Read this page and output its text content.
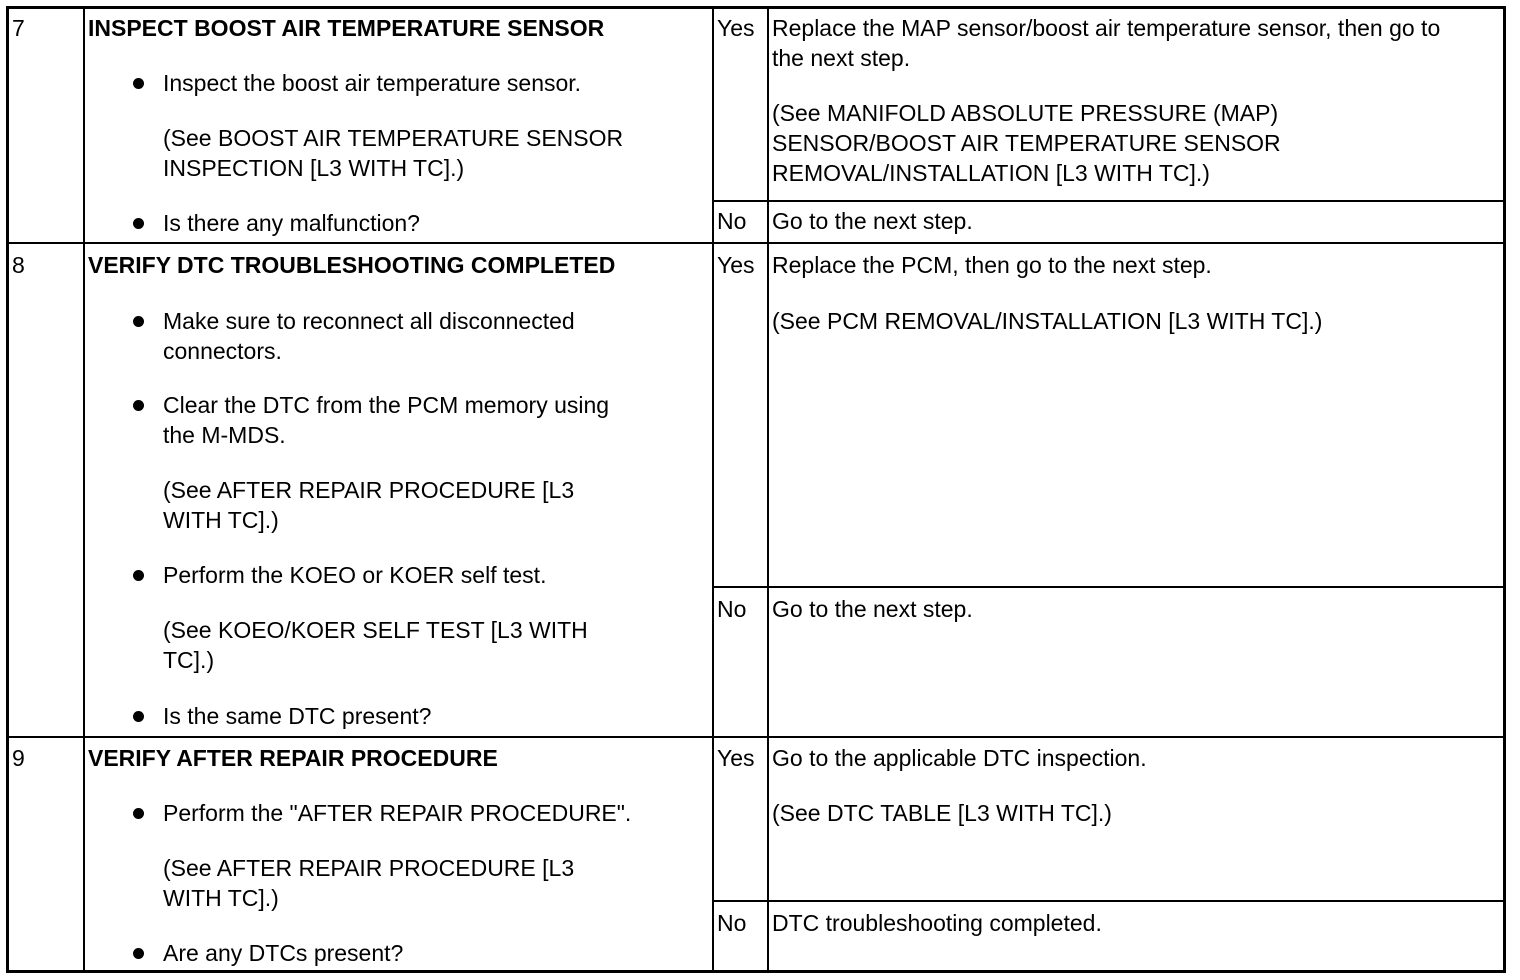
7	INSPECT BOOST AIR TEMPERATURE SENSOR
Inspect the boost air temperature sensor.
(See BOOST AIR TEMPERATURE SENSOR
INSPECTION [L3 WITH TC].)
Is there any malfunction?
Yes Replace the MAP sensor/boost air temperature sensor, then go to
the next step.
(See MANIFOLD ABSOLUTE PRESSURE (MAP)
SENSOR/BOOST AIR TEMPERATURE SENSOR
REMOVAL/INSTALLATION [L3 WITH TC].)
No Go to the next step.
8	VERIFY DTC TROUBLESHOOTING COMPLETED
Make sure to reconnect all disconnected
connectors.
Clear the DTC from the PCM memory using
the M-MDS.
(See AFTER REPAIR PROCEDURE [L3
WITH TC].)
Perform the KOEO or KOER self test.
(See KOEO/KOER SELF TEST [L3 WITH
TC].)
Is the same DTC present?
Yes Replace the PCM, then go to the next step.
(See PCM REMOVAL/INSTALLATION [L3 WITH TC].)
No Go to the next step.
9	VERIFY AFTER REPAIR PROCEDURE
Perform the "AFTER REPAIR PROCEDURE".
(See AFTER REPAIR PROCEDURE [L3
WITH TC].)
Are any DTCs present?
Yes Go to the applicable DTC inspection.
(See DTC TABLE [L3 WITH TC].)
No DTC troubleshooting completed.
